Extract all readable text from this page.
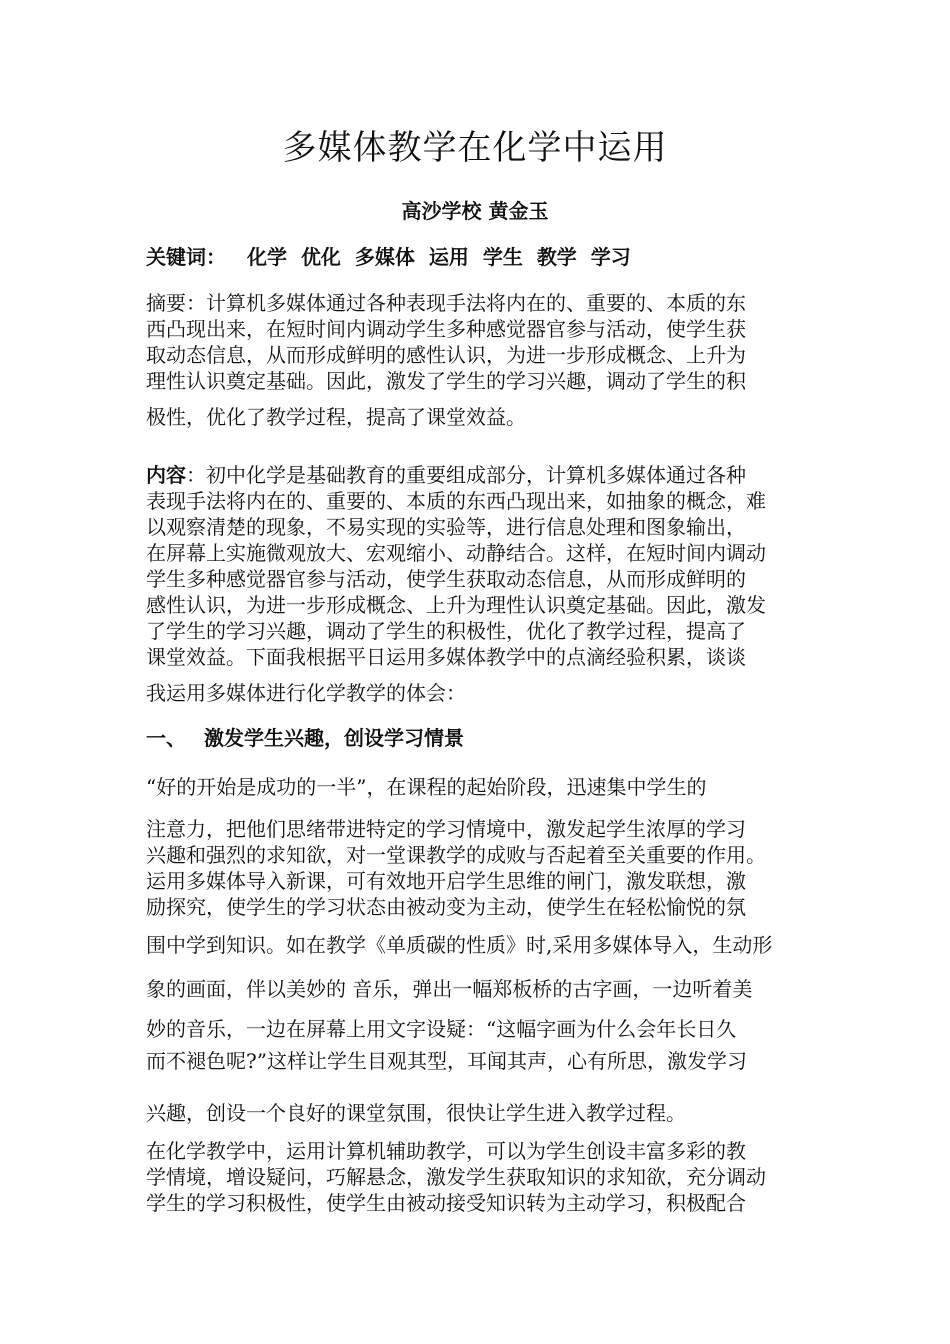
多媒体教学在化学中运用
高沙学校 黄金玉
关键词： 化学 优化 多媒体 运用 学生 教学 学习
摘要：计算机多媒体通过各种表现手法将内在的、重要的、本质的东
西凸现出来，在短时间内调动学生多种感觉器官参与活动，使学生获
取动态信息，从而形成鲜明的感性认识，为进一步形成概念、上升为
理性认识奠定基础。因此，激发了学生的学习兴趣，调动了学生的积
极性，优化了教学过程，提高了课堂效益。
内容：初中化学是基础教育的重要组成部分，计算机多媒体通过各种
表现手法将内在的、重要的、本质的东西凸现出来，如抽象的概念，难
以观察清楚的现象，不易实现的实验等，进行信息处理和图象输出，
在屏幕上实施微观放大、宏观缩小、动静结合。这样，在短时间内调动
学生多种感觉器官参与活动，使学生获取动态信息，从而形成鲜明的
感性认识，为进一步形成概念、上升为理性认识奠定基础。因此，激发
了学生的学习兴趣，调动了学生的积极性，优化了教学过程，提高了
课堂效益。下面我根据平日运用多媒体教学中的点滴经验积累，谈谈
我运用多媒体进行化学教学的体会：
一、 激发学生兴趣，创设学习情景
“好的开始是成功的一半”，在课程的起始阶段，迅速集中学生的
注意力，把他们思绪带进特定的学习情境中，激发起学生浓厚的学习
兴趣和强烈的求知欲，对一堂课教学的成败与否起着至关重要的作用。
运用多媒体导入新课，可有效地开启学生思维的闸门，激发联想，激
励探究，使学生的学习状态由被动变为主动，使学生在轻松愉悦的氛
围中学到知识。如在教学《单质碳的性质》时,采用多媒体导入，生动形
象的画面，伴以美妙的 音乐，弹出一幅郑板桥的古字画，一边听着美
妙的音乐，一边在屏幕上用文字设疑：“这幅字画为什么会年长日久
而不褪色呢?”这样让学生目观其型，耳闻其声，心有所思，激发学习
兴趣，创设一个良好的课堂氛围，很快让学生进入教学过程。
在化学教学中，运用计算机辅助教学，可以为学生创设丰富多彩的教
学情境，增设疑问，巧解悬念，激发学生获取知识的求知欲，充分调动
学生的学习积极性，使学生由被动接受知识转为主动学习，积极配合
